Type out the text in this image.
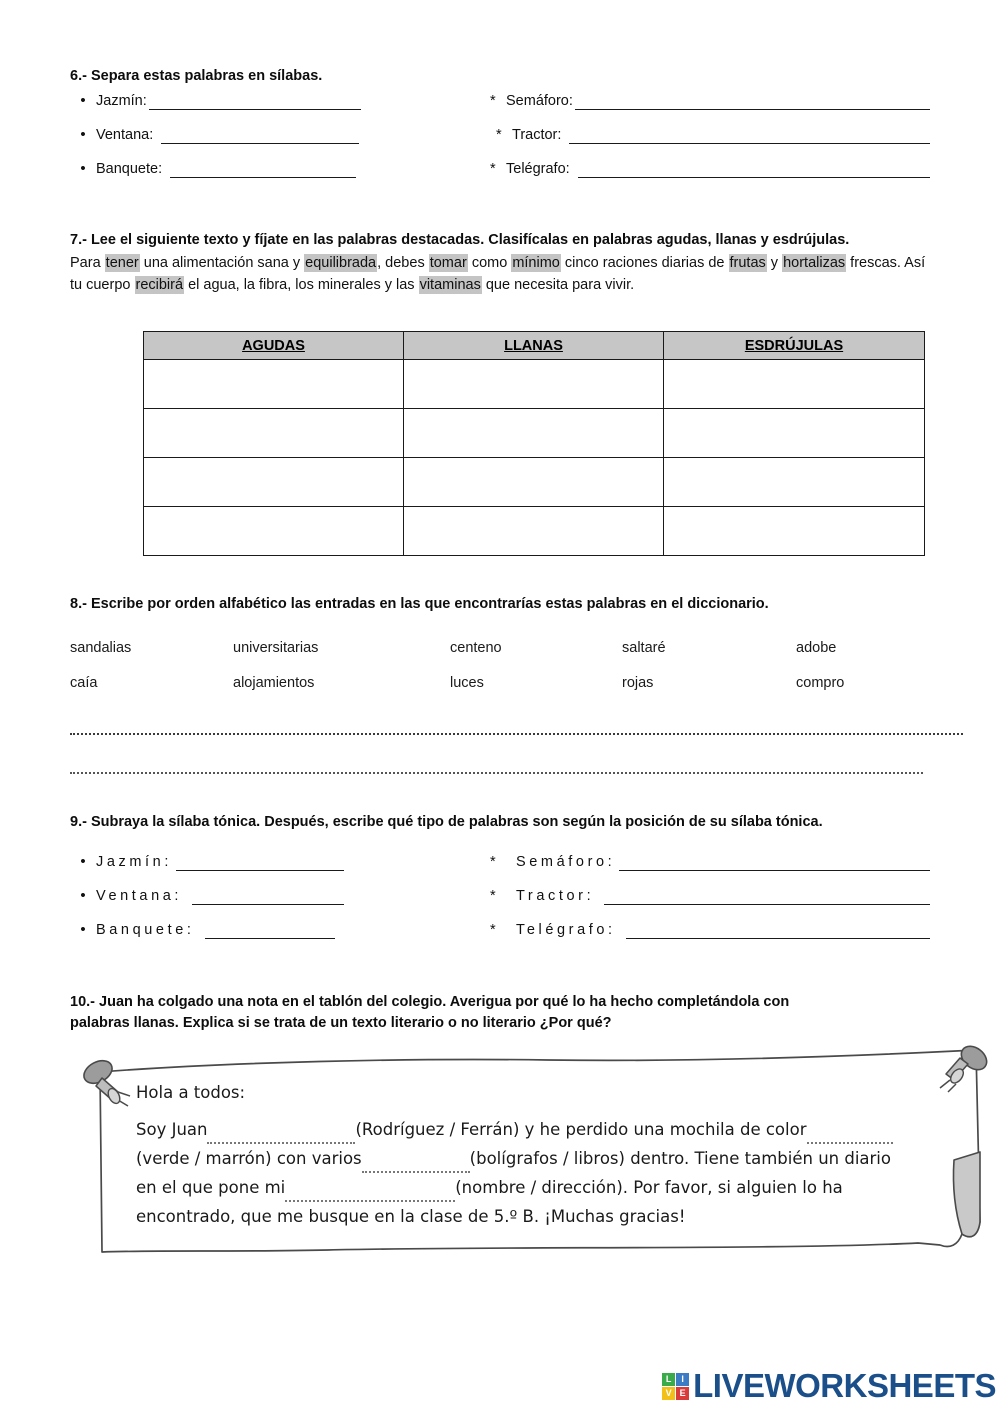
6.- Separa estas palabras en sílabas.
• Jazmín:	* Semáforo:
• Ventana:	* Tractor:
• Banquete:	* Telégrafo:
7.- Lee el siguiente texto y fíjate en las palabras destacadas. Clasifícalas en palabras agudas, llanas y esdrújulas.
Para tener una alimentación sana y equilibrada, debes tomar como mínimo cinco raciones diarias de frutas y hortalizas frescas. Así tu cuerpo recibirá el agua, la fibra, los minerales y las vitaminas que necesita para vivir.
AGUDAS	LLANAS	ESDRÚJULAS

8.- Escribe por orden alfabético las entradas en las que encontrarías estas palabras en el diccionario.
sandalias	universitarias	centeno	saltaré	adobe
caía	alojamientos	luces	rojas	compro
9.- Subraya la sílaba tónica. Después, escribe qué tipo de palabras son según la posición de su sílaba tónica.
• Jazmín:	*	Semáforo:
• Ventana:	*	Tractor:
• Banquete:	*	Telégrafo:
10.- Juan ha colgado una nota en el tablón del colegio. Averigua por qué lo ha hecho completándola con
palabras llanas. Explica si se trata de un texto literario o no literario ¿Por qué?
Hola a todos:
Soy Juan	(Rodríguez / Ferrán) y he perdido una mochila de color
(verde / marrón) con varios	(bolígrafos / libros) dentro. Tiene también un diario
en el que pone mi	(nombre / dirección). Por favor, si alguien lo ha
encontrado, que me busque en la clase de 5.º B. ¡Muchas gracias!
L	I
V E LIVEWORKSHEETS
